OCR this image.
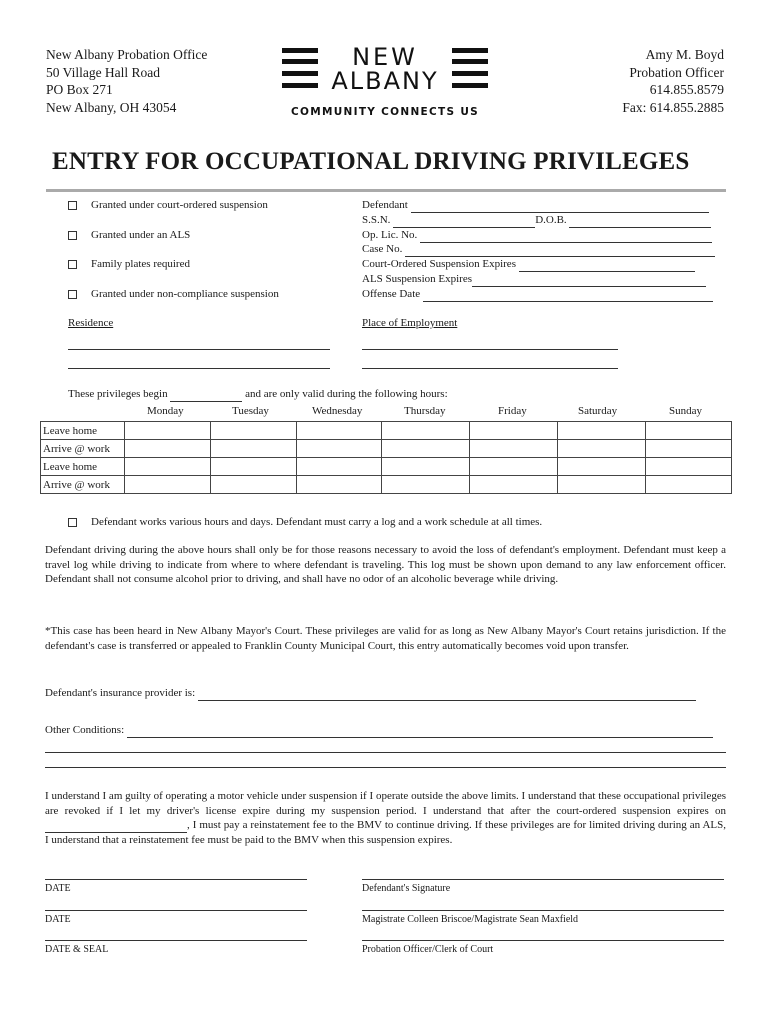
New Albany Probation Office
50 Village Hall Road
PO Box 271
New Albany, OH 43054
NEW
ALBANY
COMMUNITY CONNECTS US
Amy M. Boyd
Probation Officer
614.855.8579
Fax: 614.855.2885
ENTRY FOR OCCUPATIONAL DRIVING PRIVILEGES
Granted under court-ordered suspension
Granted under an ALS
Family plates required
Granted under non-compliance suspension
Defendant
S.S.N.	D.O.B.
Op. Lic. No.
Case No.
Court-Ordered Suspension Expires
ALS Suspension Expires
Offense Date
Residence	Place of Employment
These privileges begin	and are only valid during the following hours:
Monday	Tuesday	Wednesday	Thursday	Friday	Saturday	Sunday
Leave home							
Arrive @ work							
Leave home							
Arrive @ work							
Defendant works various hours and days. Defendant must carry a log and a work schedule at all times.
Defendant driving during the above hours shall only be for those reasons necessary to avoid the loss of defendant's employment. Defendant must keep a travel log while driving to indicate from where to where defendant is traveling. This log must be shown upon demand to any law enforcement officer. Defendant shall not consume alcohol prior to driving, and shall have no odor of an alcoholic beverage while driving.
*This case has been heard in New Albany Mayor's Court. These privileges are valid for as long as New Albany Mayor's Court retains jurisdiction. If the defendant's case is transferred or appealed to Franklin County Municipal Court, this entry automatically becomes void upon transfer.
Defendant's insurance provider is:
Other Conditions:
I understand I am guilty of operating a motor vehicle under suspension if I operate outside the above limits. I understand that these occupational privileges are revoked if I let my driver's license expire during my suspension period. I understand that after the court-ordered suspension expires on , I must pay a reinstatement fee to the BMV to continue driving. If these privileges are for limited driving during an ALS, I understand that a reinstatement fee must be paid to the BMV when this suspension expires.
DATE	Defendant's Signature
DATE	Magistrate Colleen Briscoe/Magistrate Sean Maxfield
DATE & SEAL	Probation Officer/Clerk of Court
